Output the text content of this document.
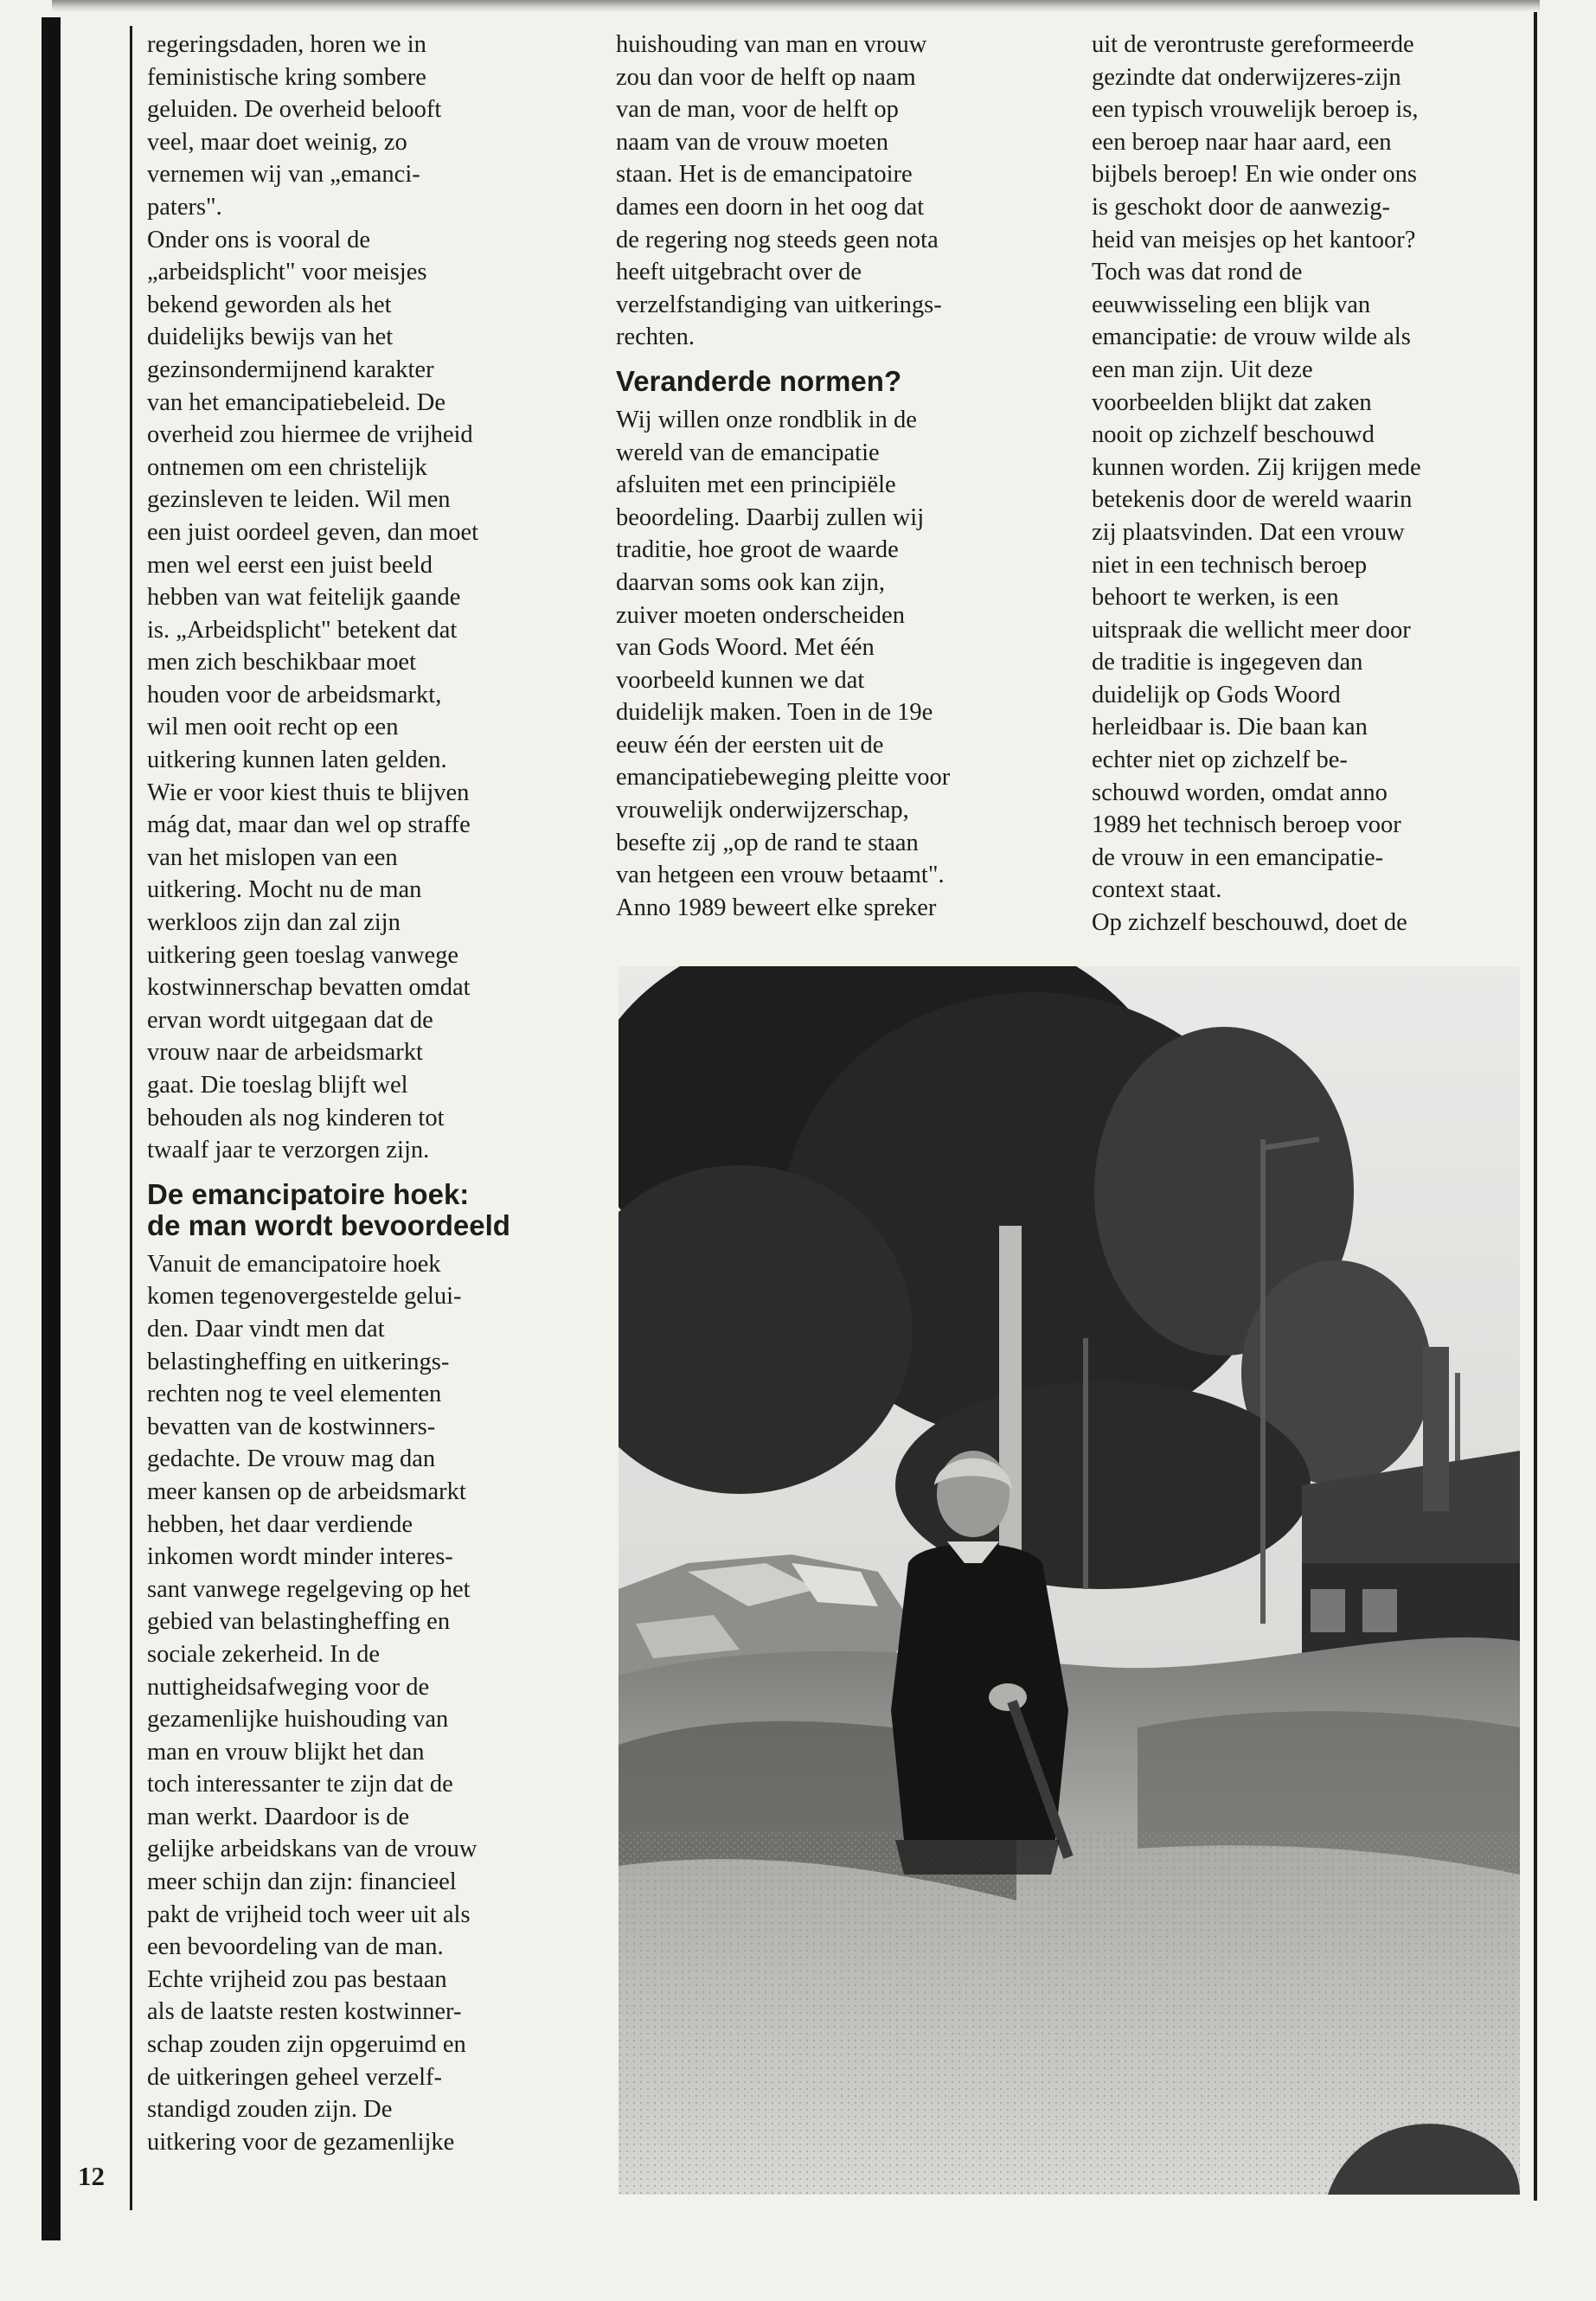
12

regeringsdaden, horen we in
feministische kring sombere
geluiden. De overheid belooft
veel, maar doet weinig, zo
vernemen wij van „emanci-
paters".
Onder ons is vooral de
„arbeidsplicht" voor meisjes
bekend geworden als het
duidelijks bewijs van het
gezinsondermijnend karakter
van het emancipatiebeleid. De
overheid zou hiermee de vrijheid
ontnemen om een christelijk
gezinsleven te leiden. Wil men
een juist oordeel geven, dan moet
men wel eerst een juist beeld
hebben van wat feitelijk gaande
is. „Arbeidsplicht" betekent dat
men zich beschikbaar moet
houden voor de arbeidsmarkt,
wil men ooit recht op een
uitkering kunnen laten gelden.
Wie er voor kiest thuis te blijven
mág dat, maar dan wel op straffe
van het mislopen van een
uitkering. Mocht nu de man
werkloos zijn dan zal zijn
uitkering geen toeslag vanwege
kostwinnerschap bevatten omdat
ervan wordt uitgegaan dat de
vrouw naar de arbeidsmarkt
gaat. Die toeslag blijft wel
behouden als nog kinderen tot
twaalf jaar te verzorgen zijn.

De emancipatoire hoek:
de man wordt bevoordeeld

Vanuit de emancipatoire hoek
komen tegenovergestelde gelui-
den. Daar vindt men dat
belastingheffing en uitkerings-
rechten nog te veel elementen
bevatten van de kostwinners-
gedachte. De vrouw mag dan
meer kansen op de arbeidsmarkt
hebben, het daar verdiende
inkomen wordt minder interes-
sant vanwege regelgeving op het
gebied van belastingheffing en
sociale zekerheid. In de
nuttigheidsafweging voor de
gezamenlijke huishouding van
man en vrouw blijkt het dan
toch interessanter te zijn dat de
man werkt. Daardoor is de
gelijke arbeidskans van de vrouw
meer schijn dan zijn: financieel
pakt de vrijheid toch weer uit als
een bevoordeling van de man.
Echte vrijheid zou pas bestaan
als de laatste resten kostwinner-
schap zouden zijn opgeruimd en
de uitkeringen geheel verzelf-
standigd zouden zijn. De
uitkering voor de gezamenlijke

huishouding van man en vrouw
zou dan voor de helft op naam
van de man, voor de helft op
naam van de vrouw moeten
staan. Het is de emancipatoire
dames een doorn in het oog dat
de regering nog steeds geen nota
heeft uitgebracht over de
verzelfstandiging van uitkerings-
rechten.

Veranderde normen?

Wij willen onze rondblik in de
wereld van de emancipatie
afsluiten met een principiële
beoordeling. Daarbij zullen wij
traditie, hoe groot de waarde
daarvan soms ook kan zijn,
zuiver moeten onderscheiden
van Gods Woord. Met één
voorbeeld kunnen we dat
duidelijk maken. Toen in de 19e
eeuw één der eersten uit de
emancipatiebeweging pleitte voor
vrouwelijk onderwijzerschap,
besefte zij „op de rand te staan
van hetgeen een vrouw betaamt".
Anno 1989 beweert elke spreker

uit de verontruste gereformeerde
gezindte dat onderwijzeres-zijn
een typisch vrouwelijk beroep is,
een beroep naar haar aard, een
bijbels beroep! En wie onder ons
is geschokt door de aanwezig-
heid van meisjes op het kantoor?
Toch was dat rond de
eeuwwisseling een blijk van
emancipatie: de vrouw wilde als
een man zijn. Uit deze
voorbeelden blijkt dat zaken
nooit op zichzelf beschouwd
kunnen worden. Zij krijgen mede
betekenis door de wereld waarin
zij plaatsvinden. Dat een vrouw
niet in een technisch beroep
behoort te werken, is een
uitspraak die wellicht meer door
de traditie is ingegeven dan
duidelijk op Gods Woord
herleidbaar is. Die baan kan
echter niet op zichzelf be-
schouwd worden, omdat anno
1989 het technisch beroep voor
de vrouw in een emancipatie-
context staat.
Op zichzelf beschouwd, doet de
